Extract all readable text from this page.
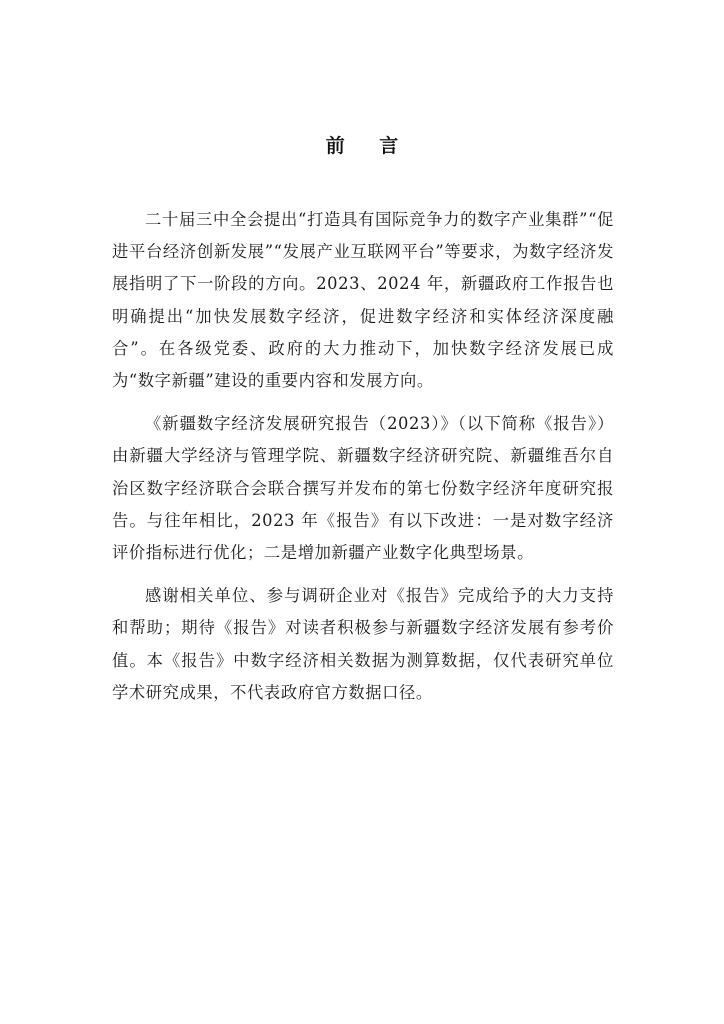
前 言

二十届三中全会提出“打造具有国际竞争力的数字产业集群”“促进平台经济创新发展”“发展产业互联网平台”等要求，为数字经济发展指明了下一阶段的方向。2023、2024 年，新疆政府工作报告也明确提出“加快发展数字经济，促进数字经济和实体经济深度融合”。在各级党委、政府的大力推动下，加快数字经济发展已成为“数字新疆”建设的重要内容和发展方向。

《新疆数字经济发展研究报告（2023）》（以下简称《报告》）由新疆大学经济与管理学院、新疆数字经济研究院、新疆维吾尔自治区数字经济联合会联合撰写并发布的第七份数字经济年度研究报告。与往年相比，2023 年《报告》有以下改进：一是对数字经济评价指标进行优化；二是增加新疆产业数字化典型场景。

感谢相关单位、参与调研企业对《报告》完成给予的大力支持和帮助；期待《报告》对读者积极参与新疆数字经济发展有参考价值。本《报告》中数字经济相关数据为测算数据，仅代表研究单位学术研究成果，不代表政府官方数据口径。
